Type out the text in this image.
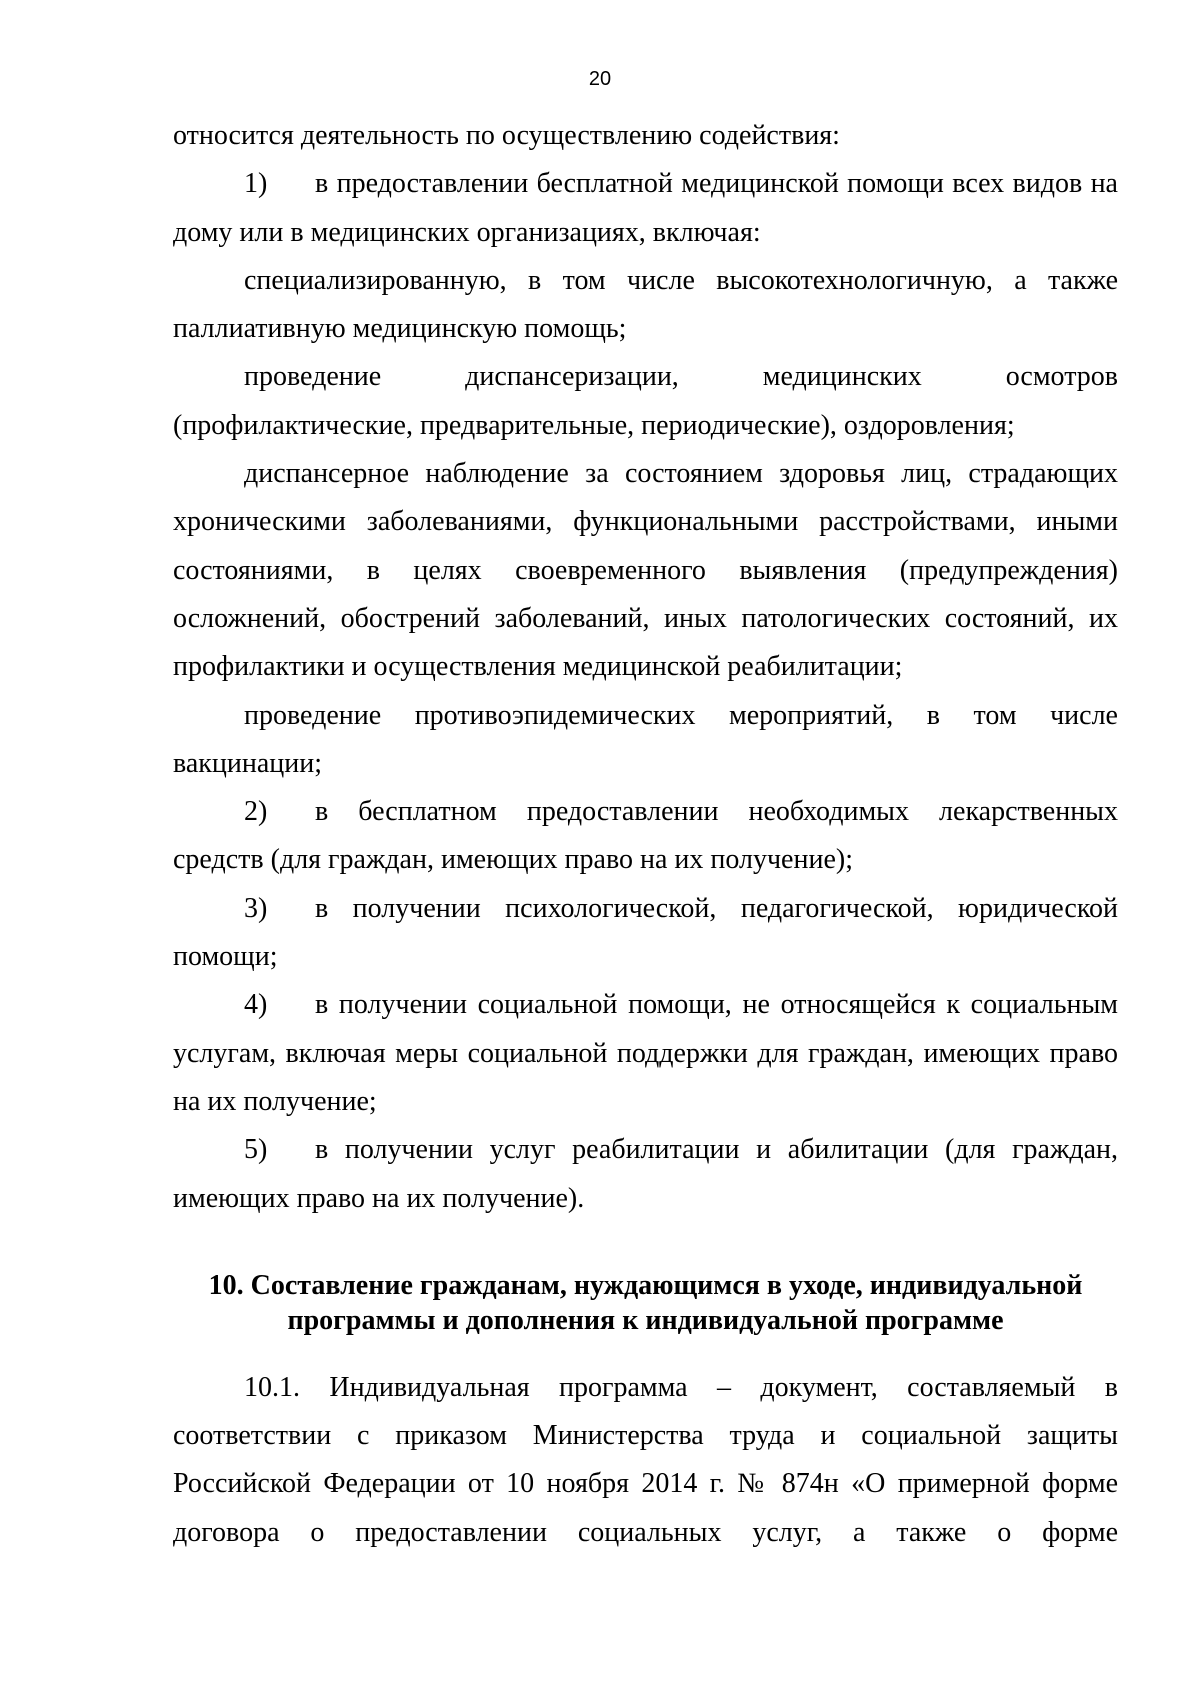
20

относится деятельность по осуществлению содействия:

1) в предоставлении бесплатной медицинской помощи всех видов на дому или в медицинских организациях, включая:

специализированную, в том числе высокотехнологичную, а также паллиативную медицинскую помощь;

проведение диспансеризации, медицинских осмотров (профилактические, предварительные, периодические), оздоровления;

диспансерное наблюдение за состоянием здоровья лиц, страдающих хроническими заболеваниями, функциональными расстройствами, иными состояниями, в целях своевременного выявления (предупреждения) осложнений, обострений заболеваний, иных патологических состояний, их профилактики и осуществления медицинской реабилитации;

проведение противоэпидемических мероприятий, в том числе вакцинации;

2) в бесплатном предоставлении необходимых лекарственных средств (для граждан, имеющих право на их получение);

3) в получении психологической, педагогической, юридической помощи;

4) в получении социальной помощи, не относящейся к социальным услугам, включая меры социальной поддержки для граждан, имеющих право на их получение;

5) в получении услуг реабилитации и абилитации (для граждан, имеющих право на их получение).

10. Составление гражданам, нуждающимся в уходе, индивидуальной
программы и дополнения к индивидуальной программе

10.1. Индивидуальная программа – документ, составляемый в соответствии с приказом Министерства труда и социальной защиты Российской Федерации от 10 ноября 2014 г. № 874н «О примерной форме договора о предоставлении социальных услуг, а также о форме
